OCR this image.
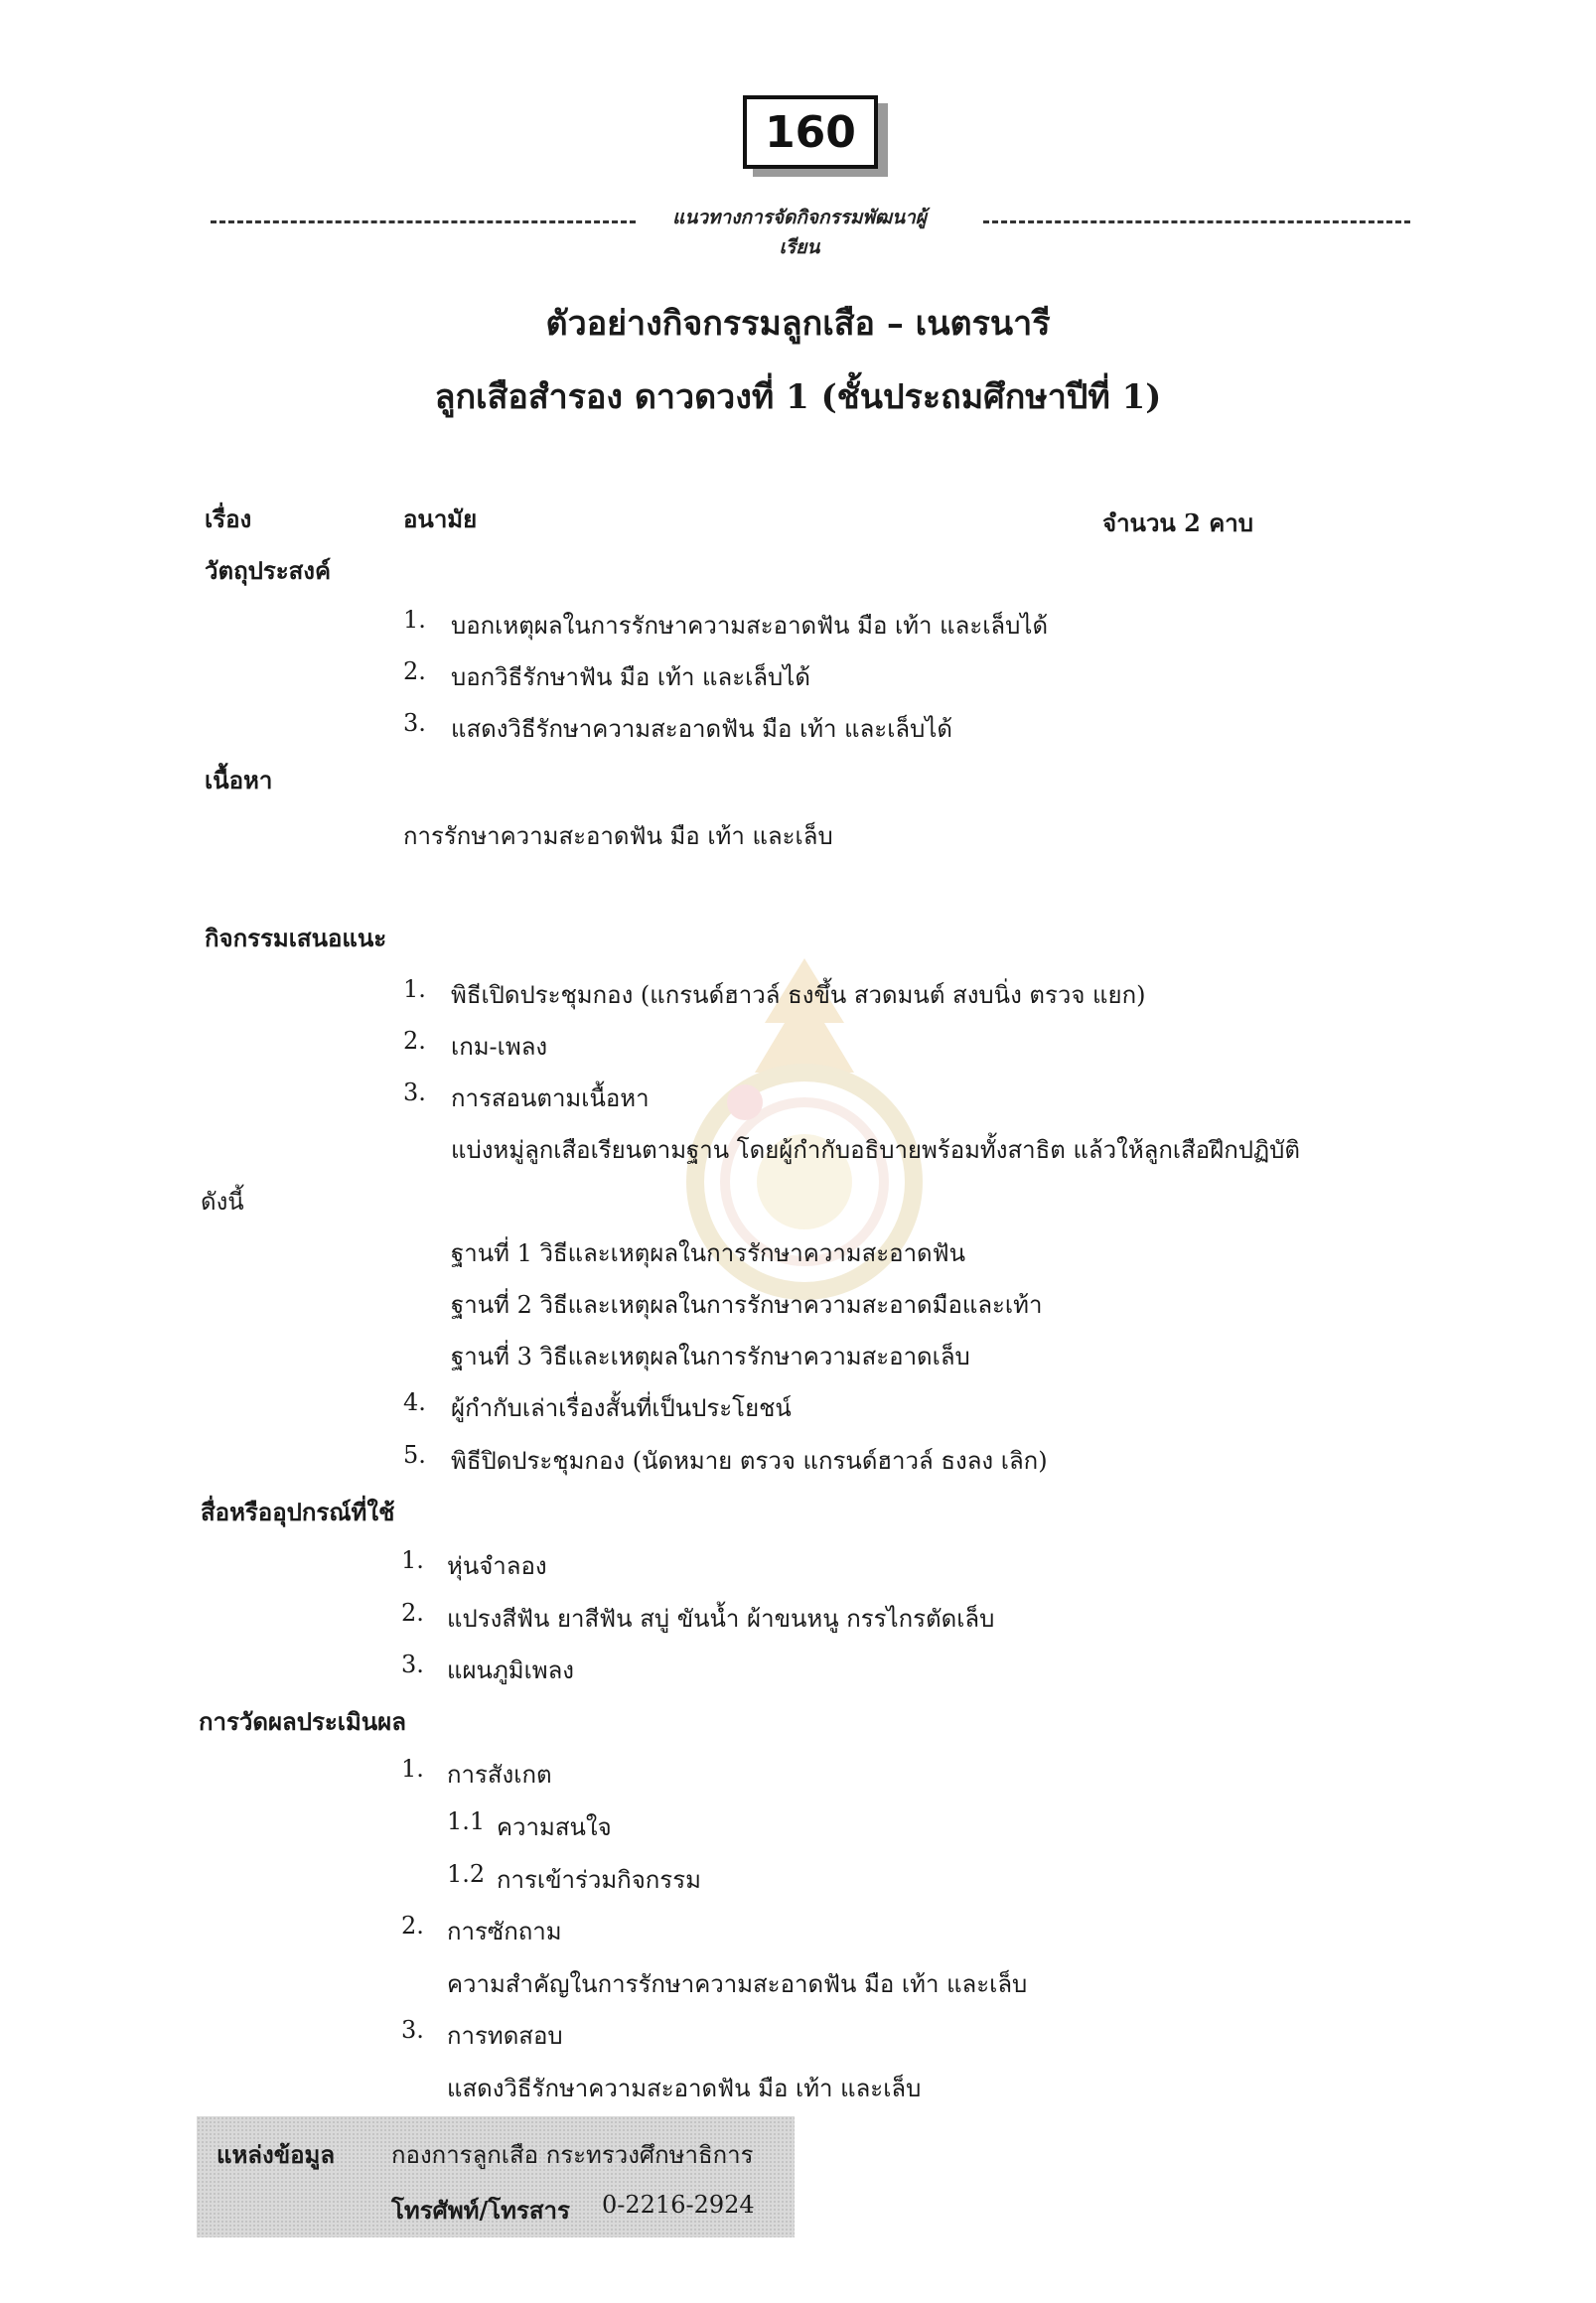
160
แนวทางการจัดกิจกรรมพัฒนาผู้เรียน
ตัวอย่างกิจกรรมลูกเสือ – เนตรนารี
ลูกเสือสำรอง ดาวดวงที่ 1 (ชั้นประถมศึกษาปีที่ 1)
เรื่อง	อนามัย	จำนวน 2 คาบ
วัตถุประสงค์
1. บอกเหตุผลในการรักษาความสะอาดฟัน มือ เท้า และเล็บได้
2. บอกวิธีรักษาฟัน มือ เท้า และเล็บได้
3. แสดงวิธีรักษาความสะอาดฟัน มือ เท้า และเล็บได้
เนื้อหา
การรักษาความสะอาดฟัน มือ เท้า และเล็บ
กิจกรรมเสนอแนะ
1. พิธีเปิดประชุมกอง (แกรนด์ฮาวล์ ธงขึ้น สวดมนต์ สงบนิ่ง ตรวจ แยก)
2. เกม-เพลง
3. การสอนตามเนื้อหา
แบ่งหมู่ลูกเสือเรียนตามฐาน โดยผู้กำกับอธิบายพร้อมทั้งสาธิต แล้วให้ลูกเสือฝึกปฏิบัติ
ดังนี้
ฐานที่ 1 วิธีและเหตุผลในการรักษาความสะอาดฟัน
ฐานที่ 2 วิธีและเหตุผลในการรักษาความสะอาดมือและเท้า
ฐานที่ 3 วิธีและเหตุผลในการรักษาความสะอาดเล็บ
4. ผู้กำกับเล่าเรื่องสั้นที่เป็นประโยชน์
5. พิธีปิดประชุมกอง (นัดหมาย ตรวจ แกรนด์ฮาวล์ ธงลง เลิก)
สื่อหรืออุปกรณ์ที่ใช้
1. หุ่นจำลอง
2. แปรงสีฟัน ยาสีฟัน สบู่ ขันน้ำ ผ้าขนหนู กรรไกรตัดเล็บ
3. แผนภูมิเพลง
การวัดผลประเมินผล
1. การสังเกต
1.1 ความสนใจ
1.2 การเข้าร่วมกิจกรรม
2. การซักถาม
ความสำคัญในการรักษาความสะอาดฟัน มือ เท้า และเล็บ
3. การทดสอบ
แสดงวิธีรักษาความสะอาดฟัน มือ เท้า และเล็บ
แหล่งข้อมูล กองการลูกเสือ กระทรวงศึกษาธิการ
โทรศัพท์/โทรสาร 0-2216-2924
